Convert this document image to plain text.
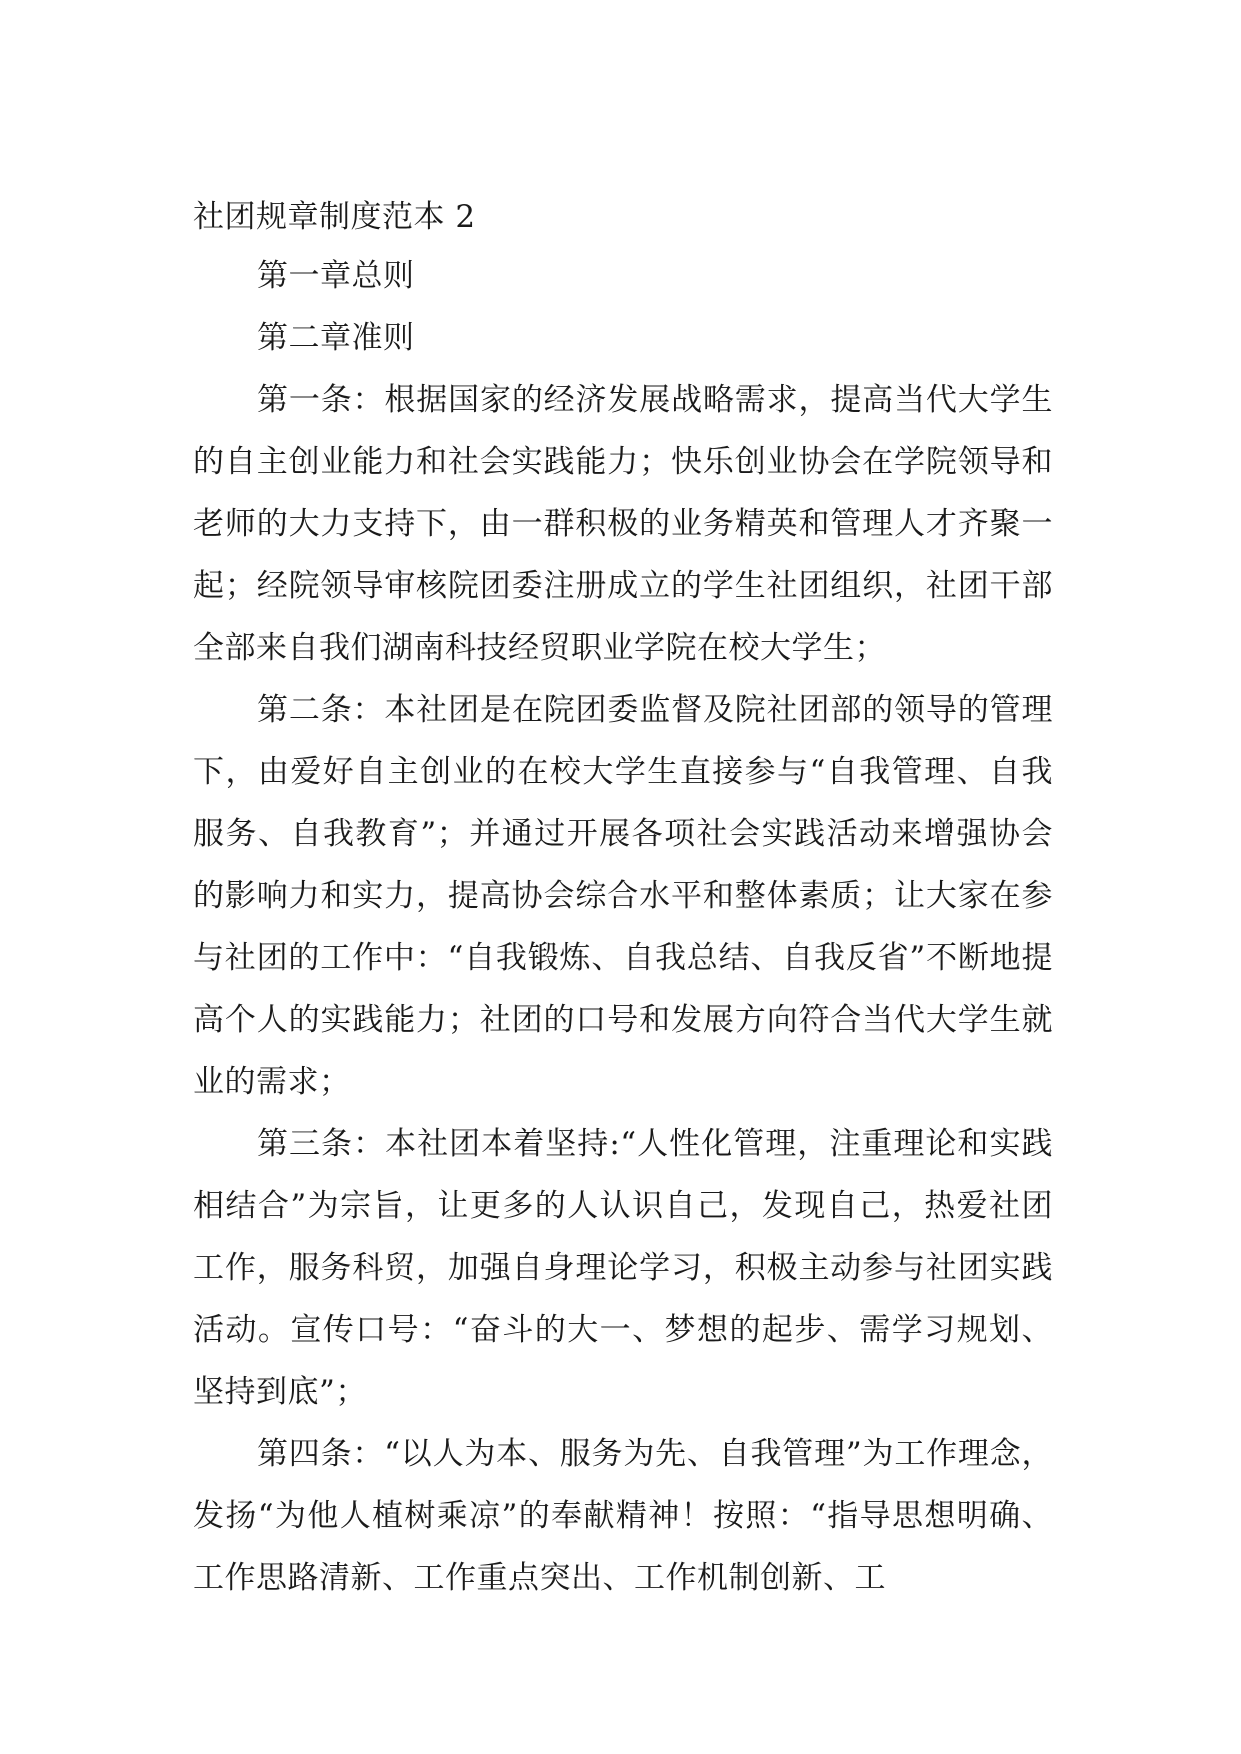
社团规章制度范本 2

第一章总则

第二章准则

第一条：根据国家的经济发展战略需求，提高当代大学生的自主创业能力和社会实践能力；快乐创业协会在学院领导和老师的大力支持下，由一群积极的业务精英和管理人才齐聚一起；经院领导审核院团委注册成立的学生社团组织，社团干部全部来自我们湖南科技经贸职业学院在校大学生；

第二条：本社团是在院团委监督及院社团部的领导的管理下，由爱好自主创业的在校大学生直接参与“自我管理、自我服务、自我教育”；并通过开展各项社会实践活动来增强协会的影响力和实力，提高协会综合水平和整体素质；让大家在参与社团的工作中：“自我锻炼、自我总结、自我反省”不断地提高个人的实践能力；社团的口号和发展方向符合当代大学生就业的需求；

第三条：本社团本着坚持:“人性化管理，注重理论和实践相结合”为宗旨，让更多的人认识自己，发现自己，热爱社团工作，服务科贸，加强自身理论学习，积极主动参与社团实践活动。宣传口号：“奋斗的大一、梦想的起步、需学习规划、坚持到底”；

第四条：“以人为本、服务为先、自我管理”为工作理念，发扬“为他人植树乘凉”的奉献精神！按照：“指导思想明确、工作思路清新、工作重点突出、工作机制创新、工
